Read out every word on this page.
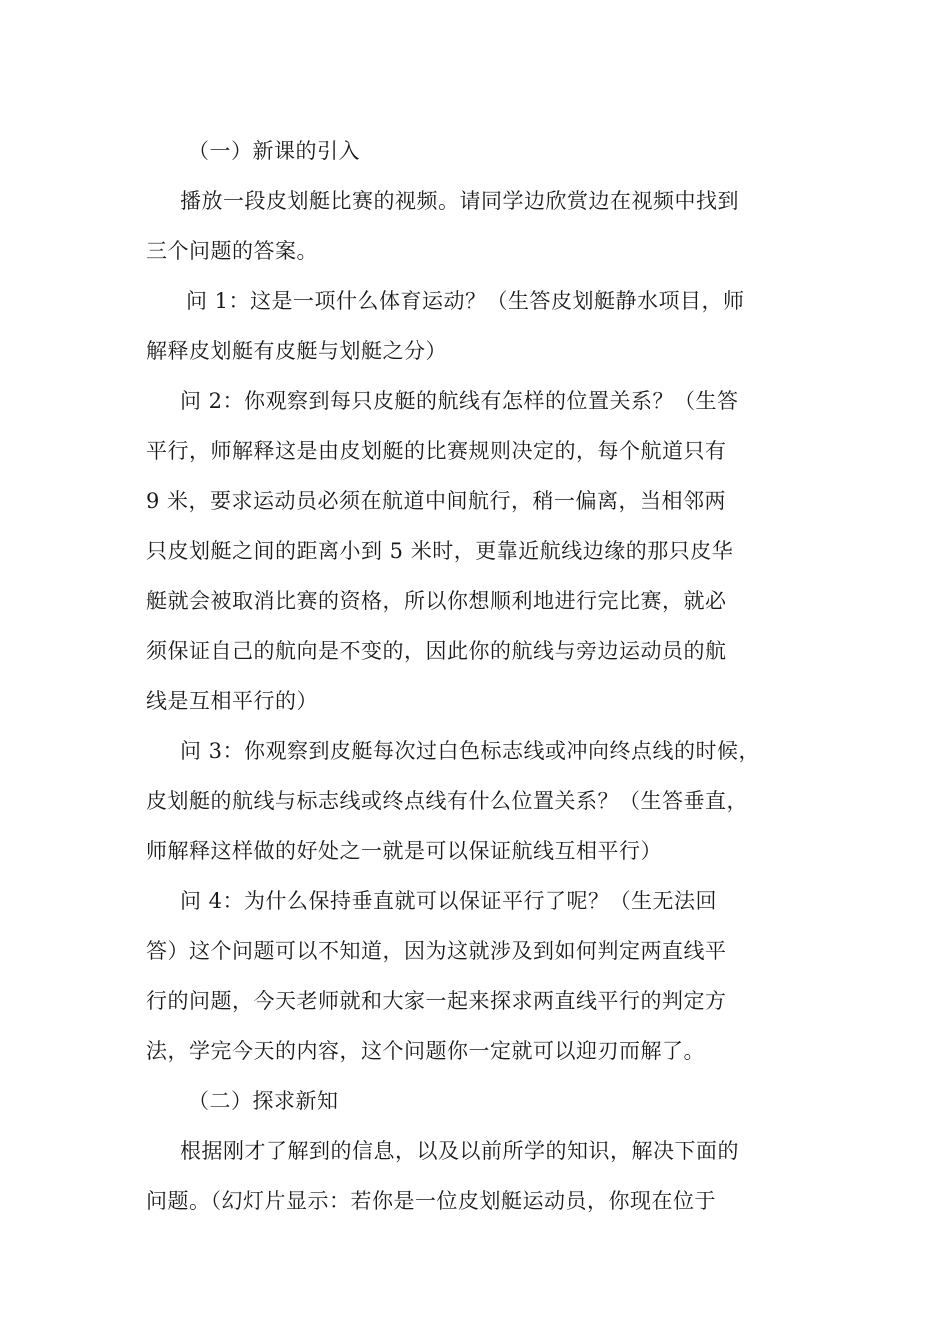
（一）新课的引入
播放一段皮划艇比赛的视频。请同学边欣赏边在视频中找到
三个问题的答案。
问 1：这是一项什么体育运动？（生答皮划艇静水项目，师
解释皮划艇有皮艇与划艇之分）
问 2：你观察到每只皮艇的航线有怎样的位置关系？（生答
平行，师解释这是由皮划艇的比赛规则决定的，每个航道只有
9 米，要求运动员必须在航道中间航行，稍一偏离，当相邻两
只皮划艇之间的距离小到 5 米时，更靠近航线边缘的那只皮华
艇就会被取消比赛的资格，所以你想顺利地进行完比赛，就必
须保证自己的航向是不变的，因此你的航线与旁边运动员的航
线是互相平行的）
问 3：你观察到皮艇每次过白色标志线或冲向终点线的时候，
皮划艇的航线与标志线或终点线有什么位置关系？（生答垂直，
师解释这样做的好处之一就是可以保证航线互相平行）
问 4：为什么保持垂直就可以保证平行了呢？（生无法回
答）这个问题可以不知道，因为这就涉及到如何判定两直线平
行的问题，今天老师就和大家一起来探求两直线平行的判定方
法，学完今天的内容，这个问题你一定就可以迎刃而解了。
（二）探求新知
根据刚才了解到的信息，以及以前所学的知识，解决下面的
问题。（幻灯片显示：若你是一位皮划艇运动员，你现在位于
